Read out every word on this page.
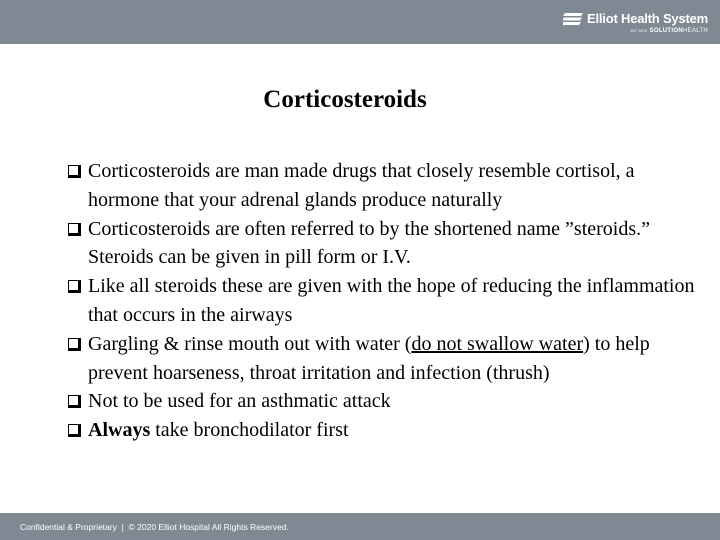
Elliot Health System
WE ARE SOLUTIONHEALTH
Corticosteroids
Corticosteroids are man made drugs that closely resemble cortisol, a hormone that your adrenal glands produce naturally
Corticosteroids are often referred to by the shortened name ”steroids.” Steroids can be given in pill form or I.V.
Like all steroids these are given with the hope of reducing the inflammation that occurs in the airways
Gargling & rinse mouth out with water (do not swallow water) to help prevent hoarseness, throat irritation and infection (thrush)
Not to be used for an asthmatic attack
Always take bronchodilator first
Confidential & Proprietary  |  © 2020 Elliot Hospital All Rights Reserved.
